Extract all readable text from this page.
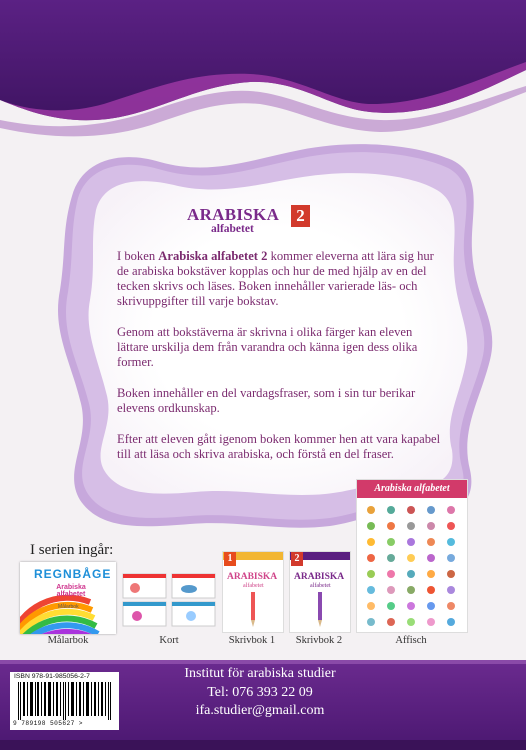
ARABISKA	2
alfabetet

I boken Arabiska alfabetet 2 kommer eleverna att lära sig hur de arabiska bokstäver kopplas och hur de med hjälp av en del tecken skrivs och läses. Boken innehåller varierade läs- och skrivuppgifter till varje bokstav.

Genom att bokstäverna är skrivna i olika färger kan eleven lättare urskilja dem från varandra och känna igen dess olika former.

Boken innehåller en del vardagsfraser, som i sin tur berikar elevens ordkunskap.

Efter att eleven gått igenom boken kommer hen att vara kapabel till att läsa och skriva arabiska, och förstå en del fraser.

I serien ingår:
REGNBÅGE
Arabiska alfabetet
Målarbok
Målarbok	Kort
1
ARABISKA
alfabetet
Skrivbok 1
2
ARABISKA
alfabetet
Skrivbok 2
Arabiska alfabetet
Affisch
ISBN 978-91-985056-2-7
9 789198 505627 >
Institut för arabiska studier
Tel: 076 393 22 09
ifa.studier@gmail.com
